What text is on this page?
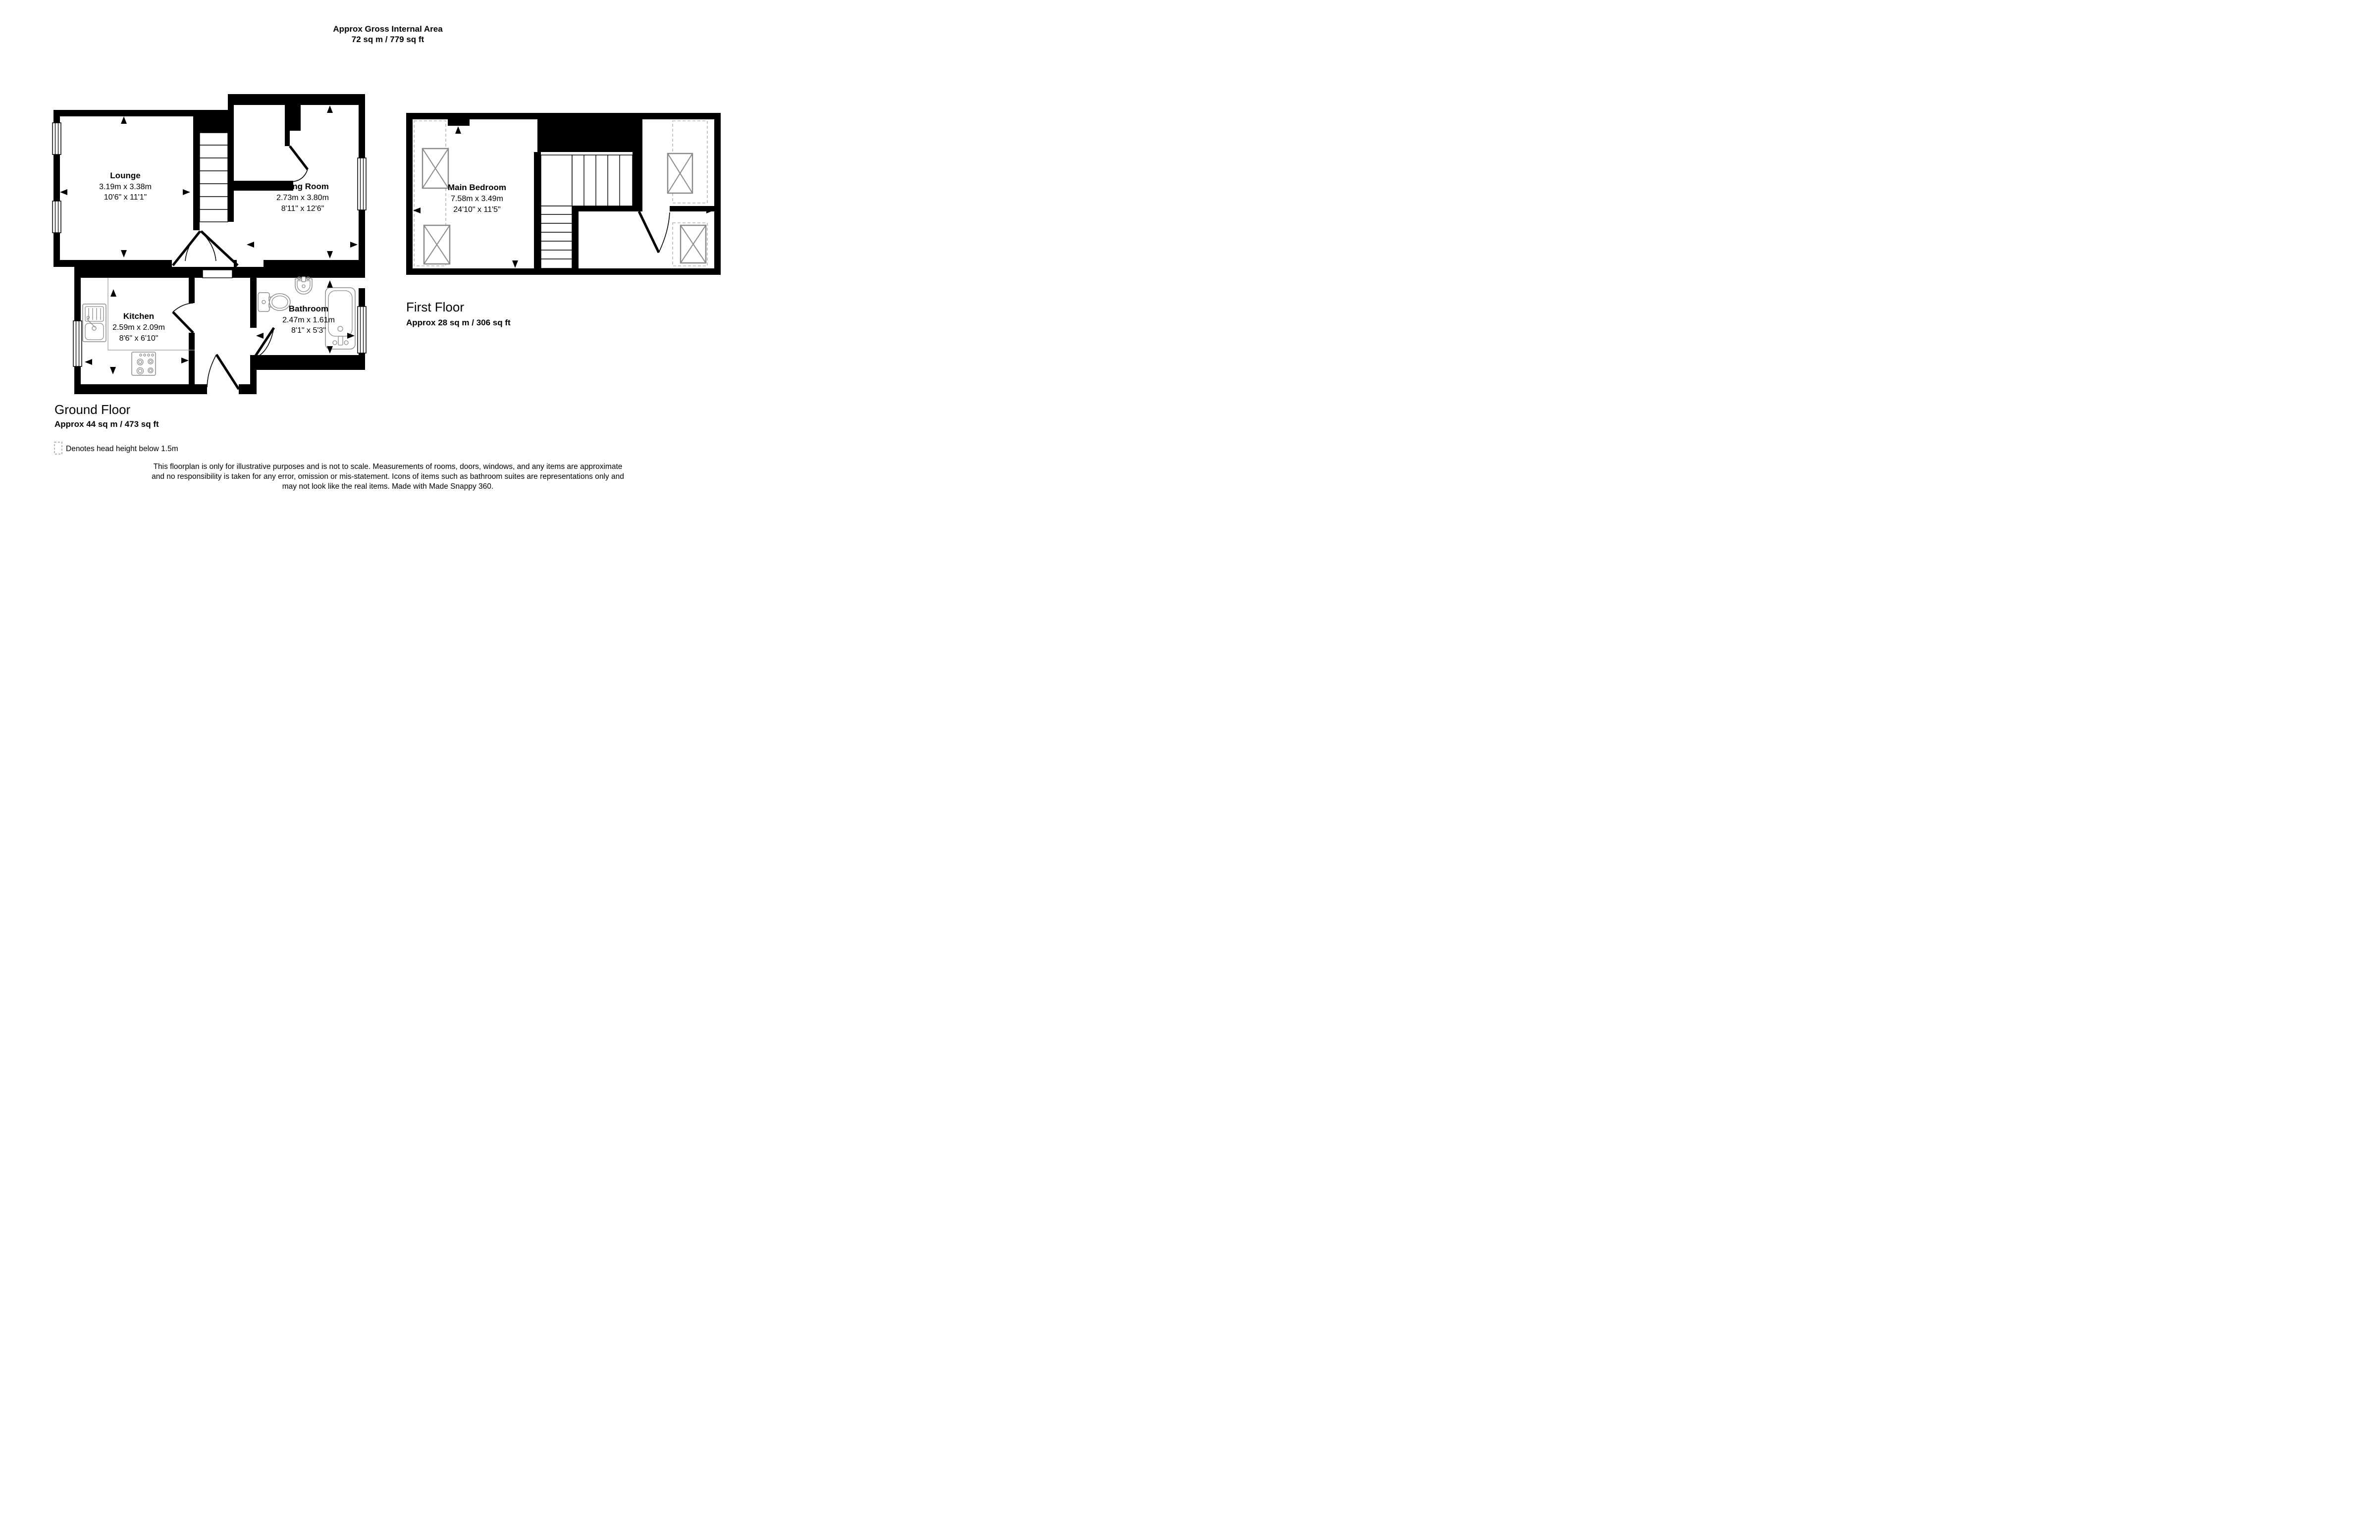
Approx Gross Internal Area
72 sq m / 779 sq ft
Lounge
3.19m x 3.38m
10'6" x 11'1"
Dining Room
2.73m x 3.80m
8'11" x 12'6"
Kitchen
2.59m x 2.09m
8'6" x 6'10"
Bathroom
2.47m x 1.61m
8'1" x 5'3"
Main Bedroom
7.58m x 3.49m
24'10" x 11'5"
Ground Floor
Approx 44 sq m / 473 sq ft
First Floor
Approx 28 sq m / 306 sq ft
Denotes head height below 1.5m
This floorplan is only for illustrative purposes and is not to scale. Measurements of rooms, doors, windows, and any items are approximate
and no responsibility is taken for any error, omission or mis-statement. Icons of items such as bathroom suites are representations only and
may not look like the real items. Made with Made Snappy 360.
